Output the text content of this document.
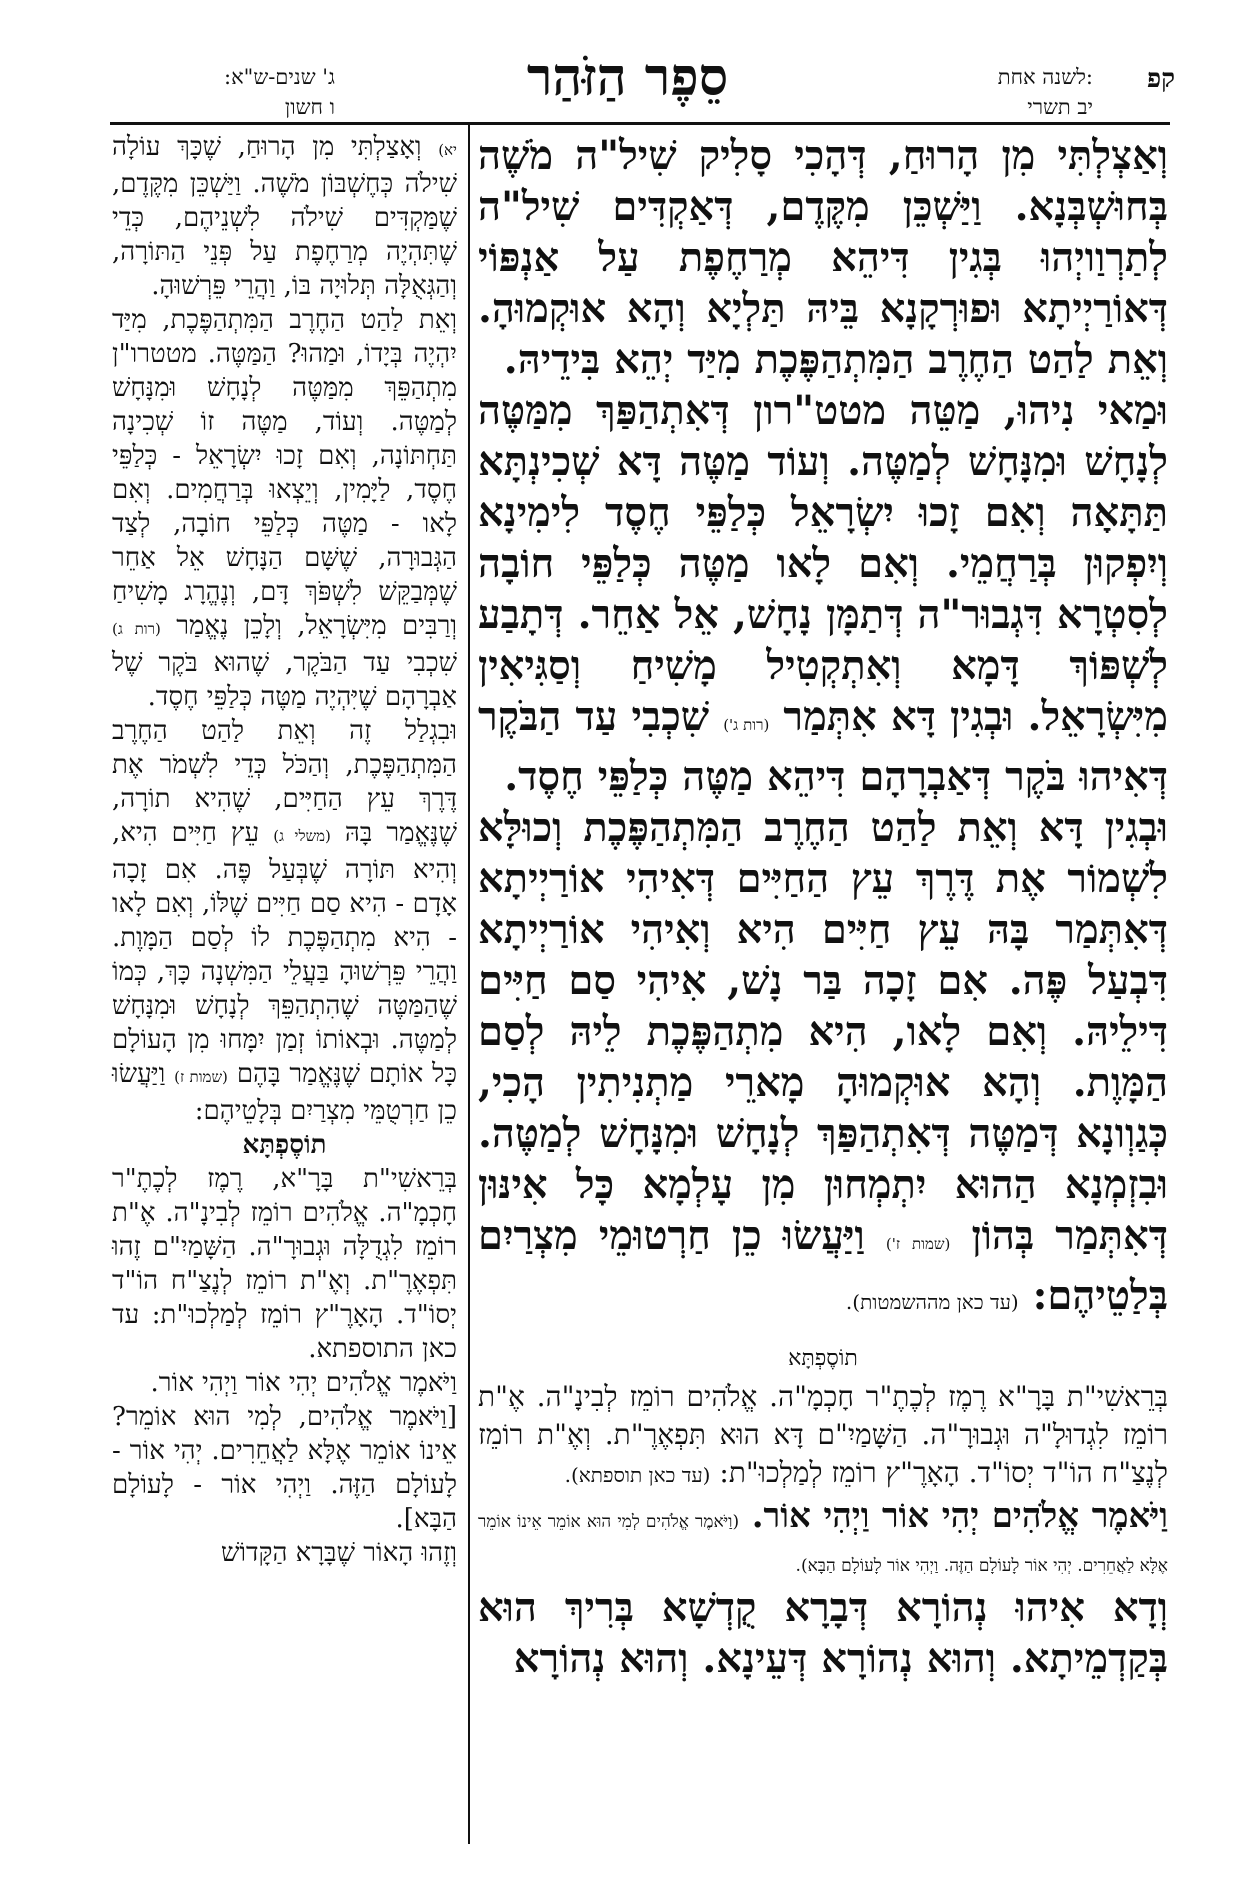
קפ
לשנה אחת:
יב תשרי
סֵפֶר הַזֹּהַר
ג' שנים-ש"א:
ו חשון

וְאַצְלְתִּי מִן הָרוּחַ, דְּהָכִי סָלִיק שִׁיל"ה מֹשֶׁה בְּחוּשְׁבְּנָא. וַיַּשְׁכֵּן מִקֶּדֶם, דְּאַקְדִּים שִׁיל"ה לְתַרְוַויְהוּ בְּגִין דִּיהֵא מְרַחֶפֶת עַל אַנְפּוֹי דְּאוֹרַיְיתָא וּפוּרְקָנָא בֵּיהּ תַּלְיָא וְהָא אוּקְמוּהָ. וְאֵת לַהַט הַחֶרֶב הַמִּתְהַפֶּכֶת מִיַּד יְהֵא בִּידֵיהּ.

וּמַאי נִיהוּ, מַטֵּה מטט"רון דְּאִתְהַפַּךְ מִמַּטֶּה לְנָחָשׁ וּמִנָּחָשׁ לְמַטֶּה. וְעוֹד מַטֶּה דָּא שְׁכִינְתָּא תַּתָּאָה וְאִם זָכוּ יִשְׂרָאֵל כְּלַפֵּי חֶסֶד לִימִינָא וְיִפְקוּן בְּרַחֲמֵי. וְאִם לָאו מַטֶּה כְּלַפֵּי חוֹבָה לְסִטְרָא דִּגְבוּר"ה דְּתַמָּן נָחָשׁ, אֵל אַחֵר. דְּתָבַע לְשְׁפּוֹךְ דָּמָא וְאִתְקְטִיל מָשִׁיחַ וְסַגִּיאִין מִיִּשְׂרָאֵל. וּבְגִין דָּא אִתְּמַר (רות ג') שִׁכְבִי עַד הַבֹּקֶר דְּאִיהוּ בֹּקֶר דְּאַבְרָהָם דִּיהֵא מַטֶּה כְּלַפֵּי חֶסֶד.

וּבְגִין דָּא וְאֵת לַהַט הַחֶרֶב הַמִּתְהַפֶּכֶת וְכוּלָּא לִשְׁמוֹר אֶת דֶּרֶךְ עֵץ הַחַיִּים דְּאִיהִי אוֹרַיְיתָא דְּאִתְּמַר בָּהּ עֵץ חַיִּים הִיא וְאִיהִי אוֹרַיְיתָא דִּבְעַל פֶּה. אִם זָכָה בַּר נָשׁ, אִיהִי סַם חַיִּים דִּילֵיהּ. וְאִם לָאו, הִיא מִתְהַפֶּכֶת לֵיהּ לְסַם הַמָּוֶת. וְהָא אוּקְמוּהָ מָארֵי מַתְנִיתִין הָכִי, כְּגַוְונָא דְּמַטֶּה דְּאִתְהַפַּךְ לְנָחָשׁ וּמִנָּחָשׁ לְמַטֶּה. וּבִזְמְנָא הַהוּא יִתְמְחוּן מִן עָלְמָא כָּל אִינּוּן דְּאִתְּמַר בְּהוֹן (שמות ז') וַיַּעֲשׂוּ כֵן חַרְטוּמֵי מִצְרַיִם בְּלַטֵיהֶם: (עד כאן מההשמטות).

תוֹסֶפְתָּא

בְּרֵאשִׁי"ת בָּרָ"א רֶמֶז לְכֶתֶ"ר חָכְמָ"ה. אֱלֹהִים רוֹמֵז לְבִינָ"ה. אֶ"ת רוֹמֵז לִגְדוּלָ"ה וּגְבוּרָ"ה. הַשָּׁמַיִ"ם דָּא הוּא תִּפְאֶרֶ"ת. וְאֶ"ת רוֹמֵז לְנֶצַ"ח הוֹ"ד יְסוֹ"ד. הָאָרֶ"ץ רוֹמֵז לְמַלְכוּ"ת: (עד כאן תוספתא).

וַיֹּאמֶר אֱלֹהִים יְהִי אוֹר וַיְהִי אוֹר. (וַיֹּאמֶר אֱלֹהִים לְמִי הוּא אוֹמֵר אֵינוֹ אוֹמֵר אֶלָּא לַאֲחֵרִים. יְהִי אוֹר לָעוֹלָם הַזֶּה. וַיְהִי אוֹר לָעוֹלָם הַבָּא).

וְדָא אִיהוּ נְהוֹרָא דְּבָרָא קֻדְשָׁא בְּרִיךְ הוּא בְּקַדְמֵיתָא. וְהוּא נְהוֹרָא דְּעֵינָא. וְהוּא נְהוֹרָא

יא) וְאָצַלְתִּי מִן הָרוּחַ, שֶׁכָּךְ עוֹלָה שִׁילֹה כְּחֶשְׁבּוֹן מֹשֶׁה. וַיַּשְׁכֵּן מִקֶּדֶם, שֶׁמַּקְדִּים שִׁילֹה לִשְׁנֵיהֶם, כְּדֵי שֶׁתִּהְיֶה מְרַחֶפֶת עַל פְּנֵי הַתּוֹרָה, וְהַגְּאֻלָּה תְּלוּיָה בּוֹ, וַהֲרֵי פֵּרְשׁוּהָ.

וְאֵת לַהַט הַחֶרֶב הַמִּתְהַפֶּכֶת, מִיַּד יִהְיֶה בְּיָדוֹ, וּמַהוּ? הַמַּטֶּה. מטטרו"ן מִתְהַפֵּךְ מִמַּטֶּה לְנָחָשׁ וּמִנָּחָשׁ לְמַטֶּה. וְעוֹד, מַטֶּה זוֹ שְׁכִינָה תַּחְתּוֹנָה, וְאִם זָכוּ יִשְׂרָאֵל - כְּלַפֵּי חֶסֶד, לַיָּמִין, וְיֵצְאוּ בְּרַחֲמִים. וְאִם לָאו - מַטֶּה כְּלַפֵּי חוֹבָה, לְצַד הַגְּבוּרָה, שֶׁשָּׁם הַנָּחָשׁ אֵל אַחֵר שֶׁמְּבַקֵּשׁ לִשְׁפֹּךְ דָּם, וְנֶהֱרָג מָשִׁיחַ וְרַבִּים מִיִּשְׂרָאֵל, וְלָכֵן נֶאֱמַר (רות ג) שִׁכְבִי עַד הַבֹּקֶר, שֶׁהוּא בֹּקֶר שֶׁל אַבְרָהָם שֶׁיִּהְיֶה מַטֶּה כְּלַפֵּי חֶסֶד.

וּבִגְלַל זֶה וְאֵת לַהַט הַחֶרֶב הַמִּתְהַפֶּכֶת, וְהַכֹּל כְּדֵי לִשְׁמֹר אֶת דֶּרֶךְ עֵץ הַחַיִּים, שֶׁהִיא תוֹרָה, שֶׁנֶּאֱמַר בָּהּ (משלי ג) עֵץ חַיִּים הִיא, וְהִיא תּוֹרָה שֶׁבְּעַל פֶּה. אִם זָכָה אָדָם - הִיא סַם חַיִּים שֶׁלּוֹ, וְאִם לָאו - הִיא מִתְהַפֶּכֶת לוֹ לְסַם הַמָּוֶת. וַהֲרֵי פֵּרְשׁוּהָ בַּעֲלֵי הַמִּשְׁנָה כָּךְ, כְּמוֹ שֶׁהַמַּטֶּה שֶׁהִתְהַפֵּךְ לְנָחָשׁ וּמִנָּחָשׁ לְמַטֶּה. וּבְאוֹתוֹ זְמַן יִמָּחוּ מִן הָעוֹלָם כָּל אוֹתָם שֶׁנֶּאֱמַר בָּהֶם (שמות ז) וַיַּעֲשׂוּ כֵן חַרְטֻמֵּי מִצְרַיִם בְּלָטֵיהֶם:

תוֹסֶפְתָּא

בְּרֵאשִׁי"ת בָּרָ"א, רֶמֶז לְכֶתֶ"ר חָכְמָ"ה. אֱלֹהִים רוֹמֵז לְבִינָ"ה. אֶ"ת רוֹמֵז לִגְדֻלָּה וּגְבוּרָ"ה. הַשָּׁמַיִ"ם זֶהוּ תִּפְאֶרֶ"ת. וְאֶ"ת רוֹמֵז לְנֶצַ"ח הוֹ"ד יְסוֹ"ד. הָאָרֶ"ץ רוֹמֵז לְמַלְכוּ"ת: עד כאן התוספתא.

וַיֹּאמֶר אֱלֹהִים יְהִי אוֹר וַיְהִי אוֹר.

[וַיֹּאמֶר אֱלֹהִים, לְמִי הוּא אוֹמֵר? אֵינוֹ אוֹמֵר אֶלָּא לַאֲחֵרִים. יְהִי אוֹר - לָעוֹלָם הַזֶּה. וַיְהִי אוֹר - לָעוֹלָם הַבָּא].

וְזֶהוּ הָאוֹר שֶׁבָּרָא הַקָּדוֹשׁ
